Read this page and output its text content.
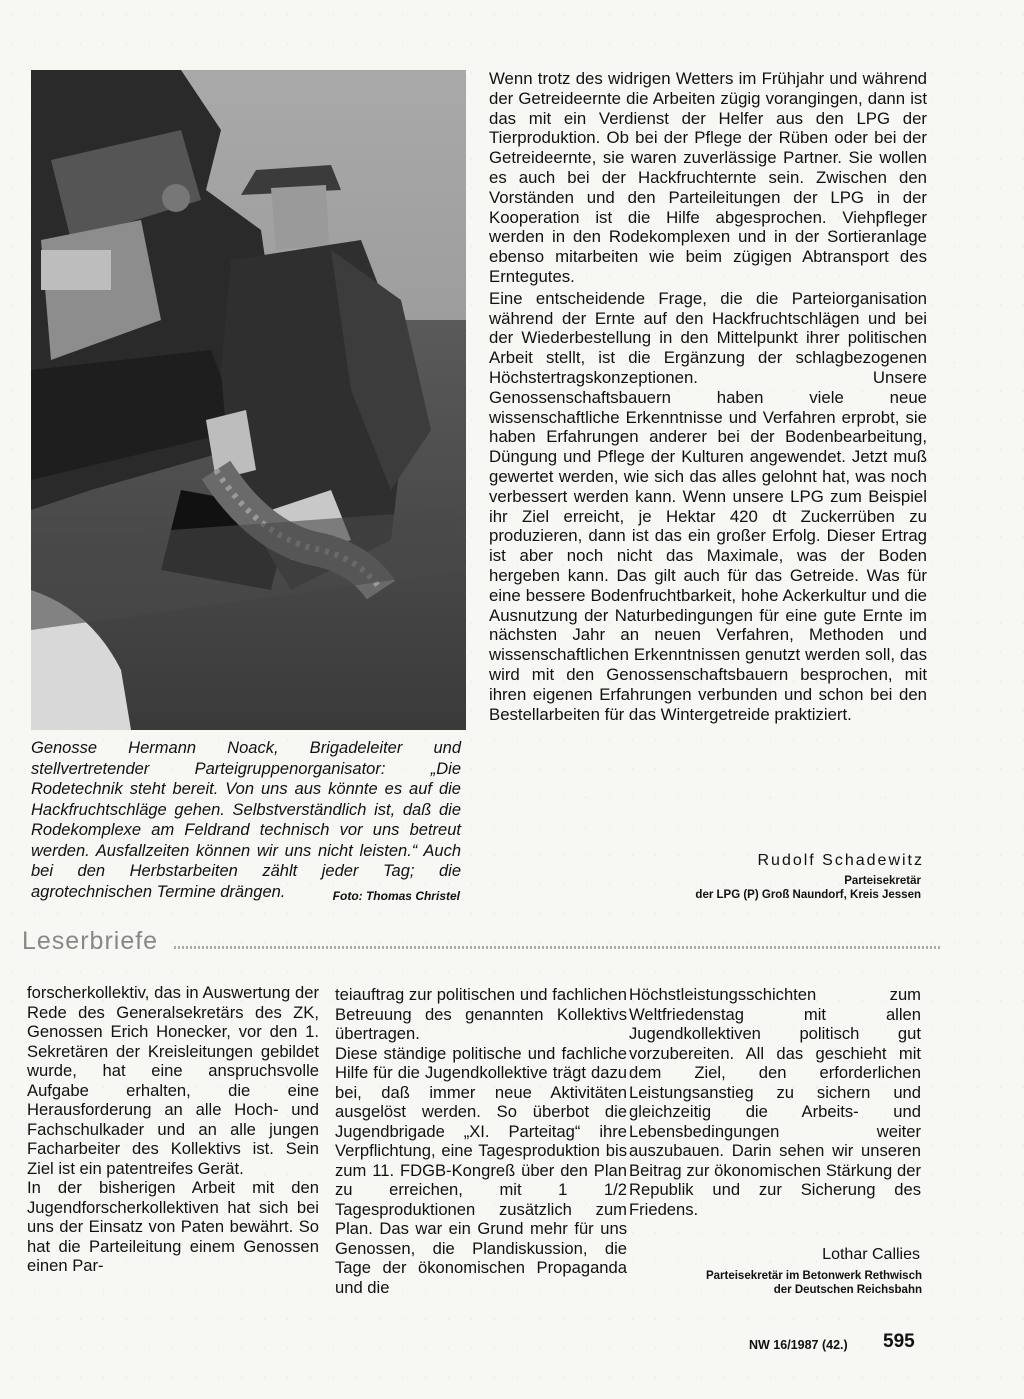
Genosse Hermann Noack, Brigadeleiter und stellvertretender Parteigruppenorganisator: „Die Rodetechnik steht bereit. Von uns aus könnte es auf die Hackfruchtschläge gehen. Selbstverständlich ist, daß die Rodekomplexe am Feldrand technisch vor uns betreut werden. Ausfallzeiten können wir uns nicht leisten.“ Auch bei den Herbstarbeiten zählt jeder Tag; die agrotechnischen Termine drängen.	Foto: Thomas Christel

Wenn trotz des widrigen Wetters im Frühjahr und während der Getreideernte die Arbeiten zügig vorangingen, dann ist das mit ein Verdienst der Helfer aus den LPG der Tierproduktion. Ob bei der Pflege der Rüben oder bei der Getreideernte, sie waren zuverlässige Partner. Sie wollen es auch bei der Hackfruchternte sein. Zwischen den Vorständen und den Parteileitungen der LPG in der Kooperation ist die Hilfe abgesprochen. Viehpfleger werden in den Rodekomplexen und in der Sortieranlage ebenso mitarbeiten wie beim zügigen Abtransport des Erntegutes.

Eine entscheidende Frage, die die Parteiorganisation während der Ernte auf den Hackfruchtschlägen und bei der Wiederbestellung in den Mittelpunkt ihrer politischen Arbeit stellt, ist die Ergänzung der schlagbezogenen Höchstertragskonzeptionen. Unsere Genossenschaftsbauern haben viele neue wissenschaftliche Erkenntnisse und Verfahren erprobt, sie haben Erfahrungen anderer bei der Bodenbearbeitung, Düngung und Pflege der Kulturen angewendet. Jetzt muß gewertet werden, wie sich das alles gelohnt hat, was noch verbessert werden kann. Wenn unsere LPG zum Beispiel ihr Ziel erreicht, je Hektar 420 dt Zuckerrüben zu produzieren, dann ist das ein großer Erfolg. Dieser Ertrag ist aber noch nicht das Maximale, was der Boden hergeben kann. Das gilt auch für das Getreide. Was für eine bessere Bodenfruchtbarkeit, hohe Ackerkultur und die Ausnutzung der Naturbedingungen für eine gute Ernte im nächsten Jahr an neuen Verfahren, Methoden und wissenschaftlichen Erkenntnissen genutzt werden soll, das wird mit den Genossenschaftsbauern besprochen, mit ihren eigenen Erfahrungen verbunden und schon bei den Bestellarbeiten für das Wintergetreide praktiziert.

Rudolf Schadewitz
Parteisekretär
der LPG (P) Groß Naundorf, Kreis Jessen
Leserbriefe

forscherkollektiv, das in Auswertung der Rede des Generalsekretärs des ZK, Genossen Erich Honecker, vor den 1. Sekretären der Kreisleitungen gebildet wurde, hat eine anspruchsvolle Aufgabe erhalten, die eine Herausforderung an alle Hoch- und Fachschulkader und an alle jungen Facharbeiter des Kollektivs ist. Sein Ziel ist ein patentreifes Gerät.

In der bisherigen Arbeit mit den Jugendforscherkollektiven hat sich bei uns der Einsatz von Paten bewährt. So hat die Parteileitung einem Genossen einen Par-

teiauftrag zur politischen und fachlichen Betreuung des genannten Kollektivs übertragen.

Diese ständige politische und fachliche Hilfe für die Jugendkollektive trägt dazu bei, daß immer neue Aktivitäten ausgelöst werden. So überbot die Jugendbrigade „XI. Parteitag“ ihre Verpflichtung, eine Tagesproduktion bis zum 11. FDGB-Kongreß über den Plan zu erreichen, mit 1 1/2 Tagesproduktionen zusätzlich zum Plan. Das war ein Grund mehr für uns Genossen, die Plandiskussion, die Tage der ökonomischen Propaganda und die

Höchstleistungsschichten zum Weltfriedenstag mit allen Jugendkollektiven politisch gut vorzubereiten. All das geschieht mit dem Ziel, den erforderlichen Leistungsanstieg zu sichern und gleichzeitig die Arbeits- und Lebensbedingungen weiter auszubauen. Darin sehen wir unseren Beitrag zur ökonomischen Stärkung der Republik und zur Sicherung des Friedens.

Lothar Callies
Parteisekretär im Betonwerk Rethwisch
der Deutschen Reichsbahn
NW 16/1987 (42.) 595
